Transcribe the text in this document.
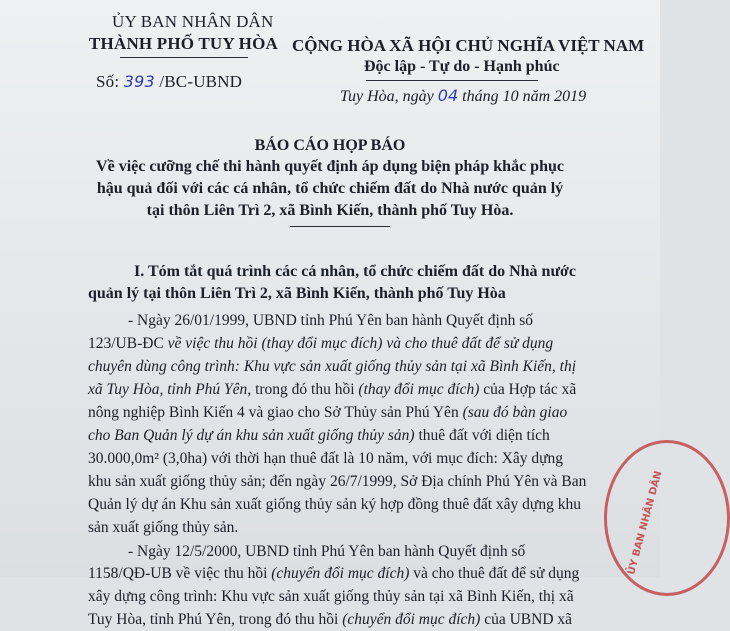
ỦY BAN NHÂN DÂN
THÀNH PHỐ TUY HÒA
Số: 393 /BC-UBND
CỘNG HÒA XÃ HỘI CHỦ NGHĨA VIỆT NAM
Độc lập - Tự do - Hạnh phúc
Tuy Hòa, ngày 04 tháng 10 năm 2019
BÁO CÁO HỌP BÁO
Về việc cưỡng chế thi hành quyết định áp dụng biện pháp khắc phục
hậu quả đối với các cá nhân, tổ chức chiếm đất do Nhà nước quản lý
tại thôn Liên Trì 2, xã Bình Kiến, thành phố Tuy Hòa.
I. Tóm tắt quá trình các cá nhân, tổ chức chiếm đất do Nhà nước
quản lý tại thôn Liên Trì 2, xã Bình Kiến, thành phố Tuy Hòa
- Ngày 26/01/1999, UBND tỉnh Phú Yên ban hành Quyết định số
123/UB-ĐC về việc thu hồi (thay đổi mục đích) và cho thuê đất để sử dụng
chuyên dùng công trình: Khu vực sản xuất giống thủy sản tại xã Bình Kiến, thị
xã Tuy Hòa, tỉnh Phú Yên, trong đó thu hồi (thay đổi mục đích) của Hợp tác xã
nông nghiệp Bình Kiến 4 và giao cho Sở Thủy sản Phú Yên (sau đó bàn giao
cho Ban Quản lý dự án khu sản xuất giống thủy sản) thuê đất với diện tích
30.000,0m² (3,0ha) với thời hạn thuê đất là 10 năm, với mục đích: Xây dựng
khu sản xuất giống thủy sản; đến ngày 26/7/1999, Sở Địa chính Phú Yên và Ban
Quản lý dự án Khu sản xuất giống thủy sản ký hợp đồng thuê đất xây dựng khu
sản xuất giống thủy sản.
- Ngày 12/5/2000, UBND tỉnh Phú Yên ban hành Quyết định số
1158/QĐ-UB về việc thu hồi (chuyển đổi mục đích) và cho thuê đất để sử dụng
xây dựng công trình: Khu vực sản xuất giống thủy sản tại xã Bình Kiến, thị xã
Tuy Hòa, tỉnh Phú Yên, trong đó thu hồi (chuyển đổi mục đích) của UBND xã
ỦY BAN NHÂN DÂN
